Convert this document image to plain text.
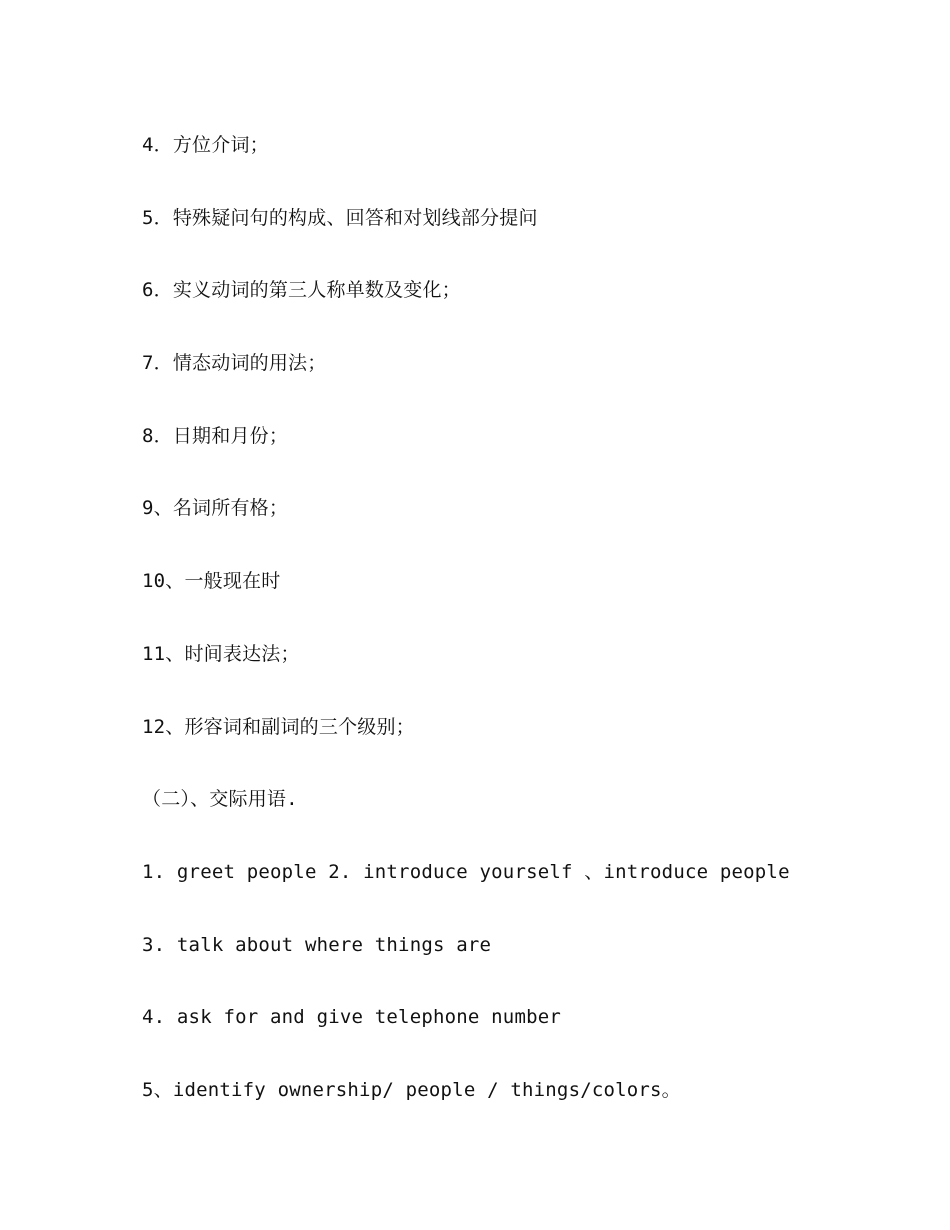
4．方位介词；
5．特殊疑问句的构成、回答和对划线部分提问
6．实义动词的第三人称单数及变化；
7．情态动词的用法；
8．日期和月份；
9、名词所有格；
10、一般现在时
11、时间表达法；
12、形容词和副词的三个级别；
（二）、交际用语.
1. greet people 2. introduce yourself 、introduce people
3. talk about where things are
4. ask for and give telephone number
5、identify ownership/ people / things/colors。
